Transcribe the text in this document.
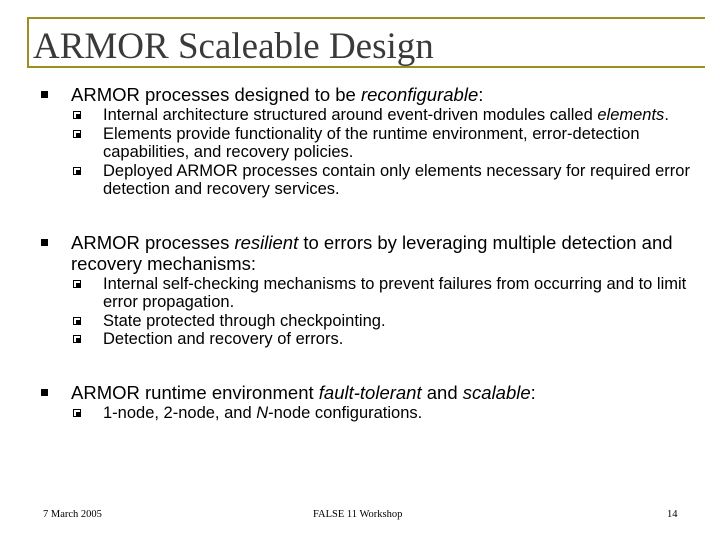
ARMOR Scaleable Design
ARMOR processes designed to be reconfigurable:
Internal architecture structured around event-driven modules called elements.
Elements provide functionality of the runtime environment, error-detection capabilities, and recovery policies.
Deployed ARMOR processes contain only elements necessary for required error detection and recovery services.
ARMOR processes resilient to errors by leveraging multiple detection and recovery mechanisms:
Internal self-checking mechanisms to prevent failures from occurring and to limit error propagation.
State protected through checkpointing.
Detection and recovery of errors.
ARMOR runtime environment fault-tolerant and scalable:
1-node, 2-node, and N-node configurations.
7 March 2005	FALSE 11 Workshop	14
